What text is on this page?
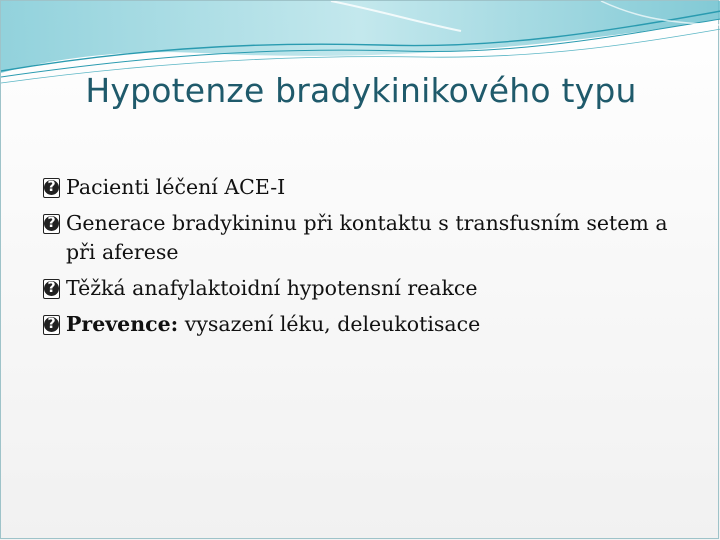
Hypotenze bradykinikového typu
?
Pacienti léčení ACE-I
?
Generace bradykininu při kontaktu s transfusním setem a při aferese
?
Těžká anafylaktoidní hypotensní reakce
?
Prevence: vysazení léku, deleukotisace
